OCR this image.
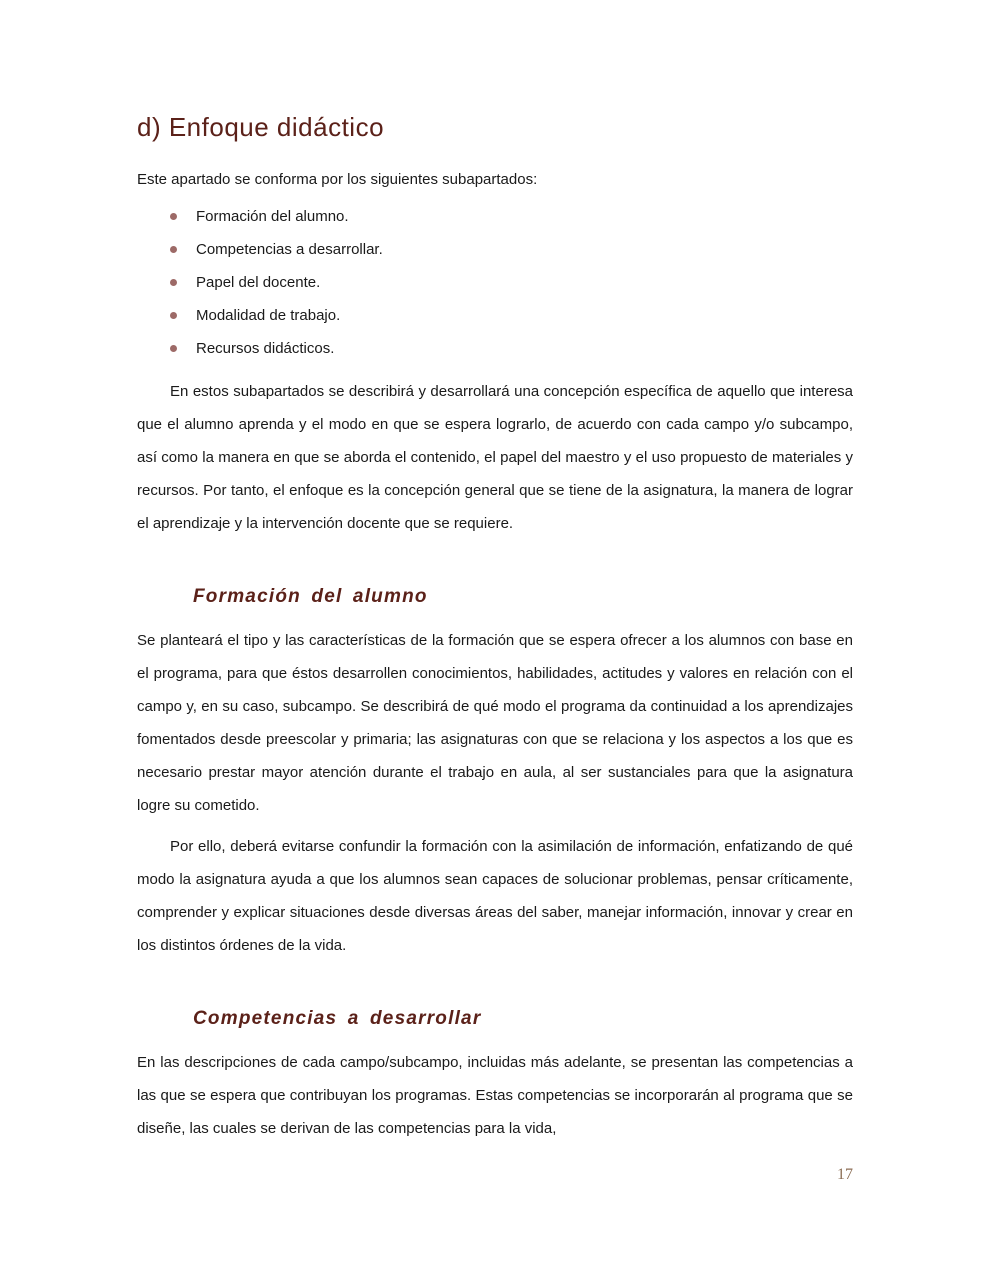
d) Enfoque didáctico

Este apartado se conforma por los siguientes subapartados:

Formación del alumno.
Competencias a desarrollar.
Papel del docente.
Modalidad de trabajo.
Recursos didácticos.

En estos subapartados se describirá y desarrollará una concepción específica de aquello que interesa que el alumno aprenda y el modo en que se espera lograrlo, de acuerdo con cada campo y/o subcampo, así como la manera en que se aborda el contenido, el papel del maestro y el uso propuesto de materiales y recursos. Por tanto, el enfoque es la concepción general que se tiene de la asignatura, la manera de lograr el aprendizaje y la intervención docente que se requiere.

Formación del alumno

Se planteará el tipo y las características de la formación que se espera ofrecer a los alumnos con base en el programa, para que éstos desarrollen conocimientos, habilidades, actitudes y valores en relación con el campo y, en su caso, subcampo. Se describirá de qué modo el programa da continuidad a los aprendizajes fomentados desde preescolar y primaria; las asignaturas con que se relaciona y los aspectos a los que es necesario prestar mayor atención durante el trabajo en aula, al ser sustanciales para que la asignatura logre su cometido.

Por ello, deberá evitarse confundir la formación con la asimilación de información, enfatizando de qué modo la asignatura ayuda a que los alumnos sean capaces de solucionar problemas, pensar críticamente, comprender y explicar situaciones desde diversas áreas del saber, manejar información, innovar y crear en los distintos órdenes de la vida.

Competencias a desarrollar

En las descripciones de cada campo/subcampo, incluidas más adelante, se presentan las competencias a las que se espera que contribuyan los programas. Estas competencias se incorporarán al programa que se diseñe, las cuales se derivan de las competencias para la vida,

17
